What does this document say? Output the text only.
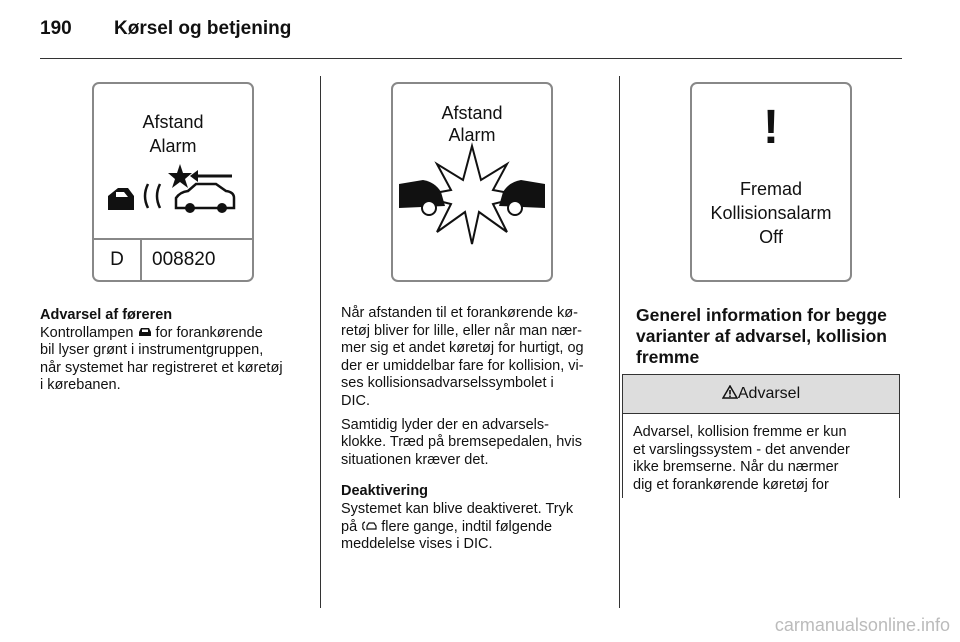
190 Kørsel og betjening
Afstand
Alarm
D	008820
Afstand
Alarm	!
Fremad
Kollisionsalarm
Off
Advarsel af føreren
Kontrollampen  for forankørende
bil lyser grønt i instrumentgruppen,
når systemet har registreret et køretøj
i kørebanen.

Når afstanden til et forankørende kø-
retøj bliver for lille, eller når man nær-
mer sig et andet køretøj for hurtigt, og
der er umiddelbar fare for kollision, vi-
ses kollisionsadvarselssymbolet i
DIC.

Samtidig lyder der en advarsels-
klokke. Træd på bremsepedalen, hvis
situationen kræver det.

Deaktivering
Systemet kan blive deaktiveret. Tryk
på  flere gange, indtil følgende
meddelelse vises i DIC.
Generel information for begge
varianter af advarsel, kollision
fremme
Advarsel
Advarsel, kollision fremme er kun
et varslingssystem - det anvender
ikke bremserne. Når du nærmer
dig et forankørende køretøj for
carmanualsonline.info
